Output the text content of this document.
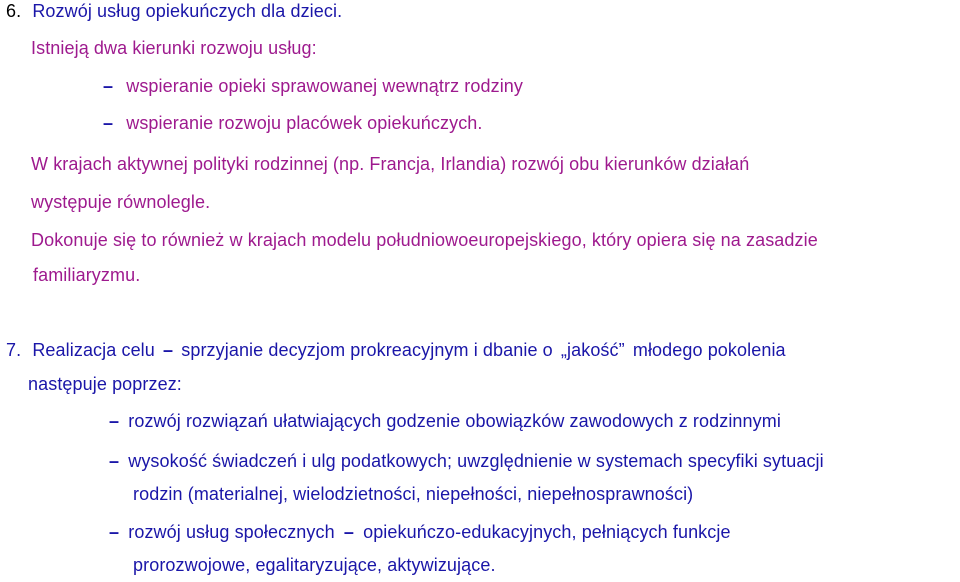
6. Rozwój usług opiekuńczych dla dzieci.

Istnieją dwa kierunki rozwoju usług:

– wspieranie opieki sprawowanej wewnątrz rodziny

– wspieranie rozwoju placówek opiekuńczych.

W krajach aktywnej polityki rodzinnej (np. Francja, Irlandia) rozwój obu kierunków działań

występuje równolegle.

Dokonuje się to również w krajach modelu południowoeuropejskiego, który opiera się na zasadzie

familiaryzmu.

7. Realizacja celu – sprzyjanie decyzjom prokreacyjnym i dbanie o „jakość” młodego pokolenia

następuje poprzez:

– rozwój rozwiązań ułatwiających godzenie obowiązków zawodowych z rodzinnymi

– wysokość świadczeń i ulg podatkowych; uwzględnienie w systemach specyfiki sytuacji

rodzin (materialnej, wielodzietności, niepełności, niepełnosprawności)

– rozwój usług społecznych – opiekuńczo-edukacyjnych, pełniących funkcje

prorozwojowe, egalitaryzujące, aktywizujące.
